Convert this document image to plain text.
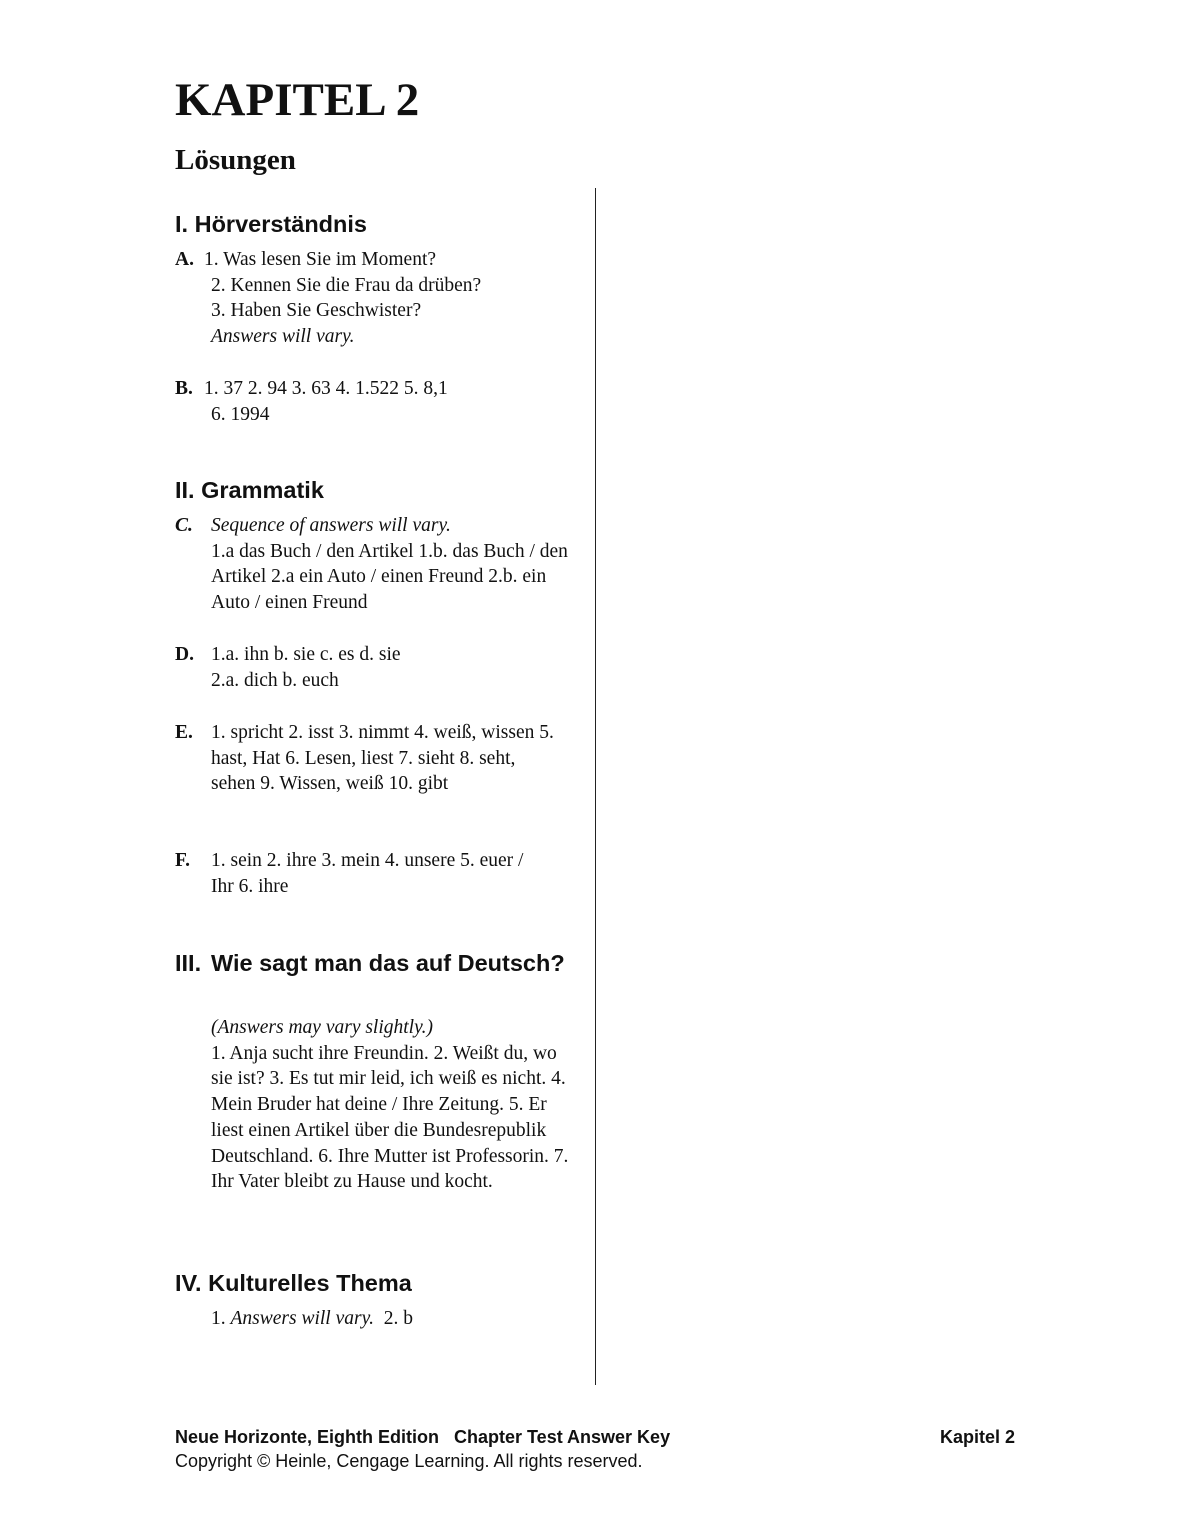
KAPITEL 2
Lösungen
I. Hörverständnis
A. 1. Was lesen Sie im Moment?
2. Kennen Sie die Frau da drüben?
3. Haben Sie Geschwister?
Answers will vary.
B. 1. 37 2. 94 3. 63 4. 1.522 5. 8,1
6. 1994
II. Grammatik
C. Sequence of answers will vary.
1.a das Buch / den Artikel 1.b. das Buch / den Artikel 2.a ein Auto / einen Freund 2.b. ein Auto / einen Freund
D. 1.a. ihn b. sie c. es d. sie
2.a. dich b. euch
E. 1. spricht 2. isst 3. nimmt 4. weiß, wissen 5. hast, Hat 6. Lesen, liest 7. sieht 8. seht, sehen 9. Wissen, weiß 10. gibt
F. 1. sein 2. ihre 3. mein 4. unsere 5. euer / Ihr 6. ihre
III. Wie sagt man das auf Deutsch?
(Answers may vary slightly.)
1. Anja sucht ihre Freundin. 2. Weißt du, wo sie ist? 3. Es tut mir leid, ich weiß es nicht. 4. Mein Bruder hat deine / Ihre Zeitung. 5. Er liest einen Artikel über die Bundesrepublik Deutschland. 6. Ihre Mutter ist Professorin. 7. Ihr Vater bleibt zu Hause und kocht.
IV. Kulturelles Thema
1. Answers will vary.  2. b
Neue Horizonte, Eighth Edition Chapter Test Answer Key	Kapitel 2
Copyright © Heinle, Cengage Learning. All rights reserved.
